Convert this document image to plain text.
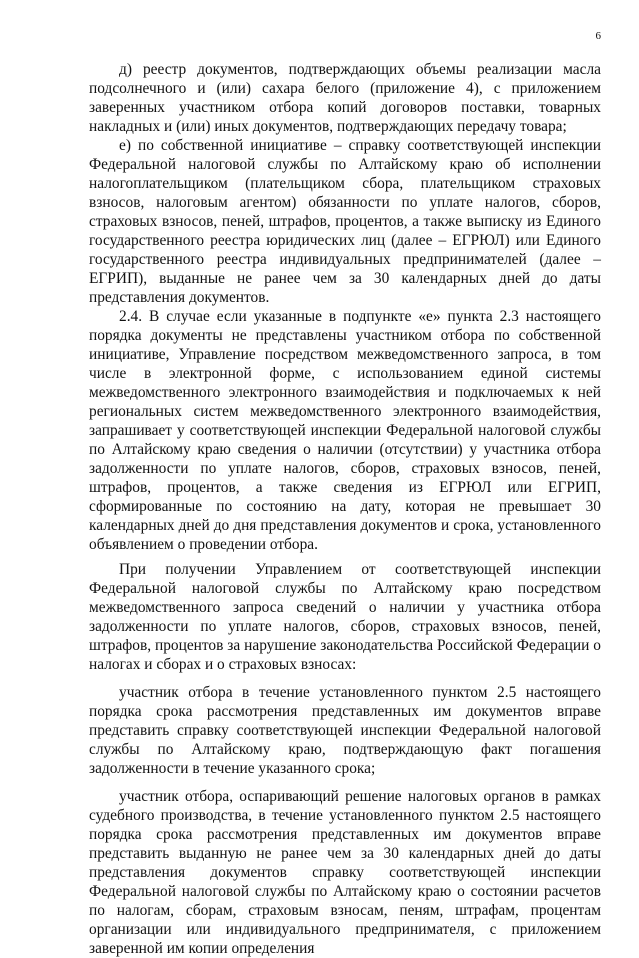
6

д) реестр документов, подтверждающих объемы реализации масла подсолнечного и (или) сахара белого (приложение 4), с приложением заверенных участником отбора копий договоров поставки, товарных накладных и (или) иных документов, подтверждающих передачу товара;

е) по собственной инициативе – справку соответствующей инспекции Федеральной налоговой службы по Алтайскому краю об исполнении налогоплательщиком (плательщиком сбора, плательщиком страховых взносов, налоговым агентом) обязанности по уплате налогов, сборов, страховых взносов, пеней, штрафов, процентов, а также выписку из Единого государственного реестра юридических лиц (далее – ЕГРЮЛ) или Единого государственного реестра индивидуальных предпринимателей (далее – ЕГРИП), выданные не ранее чем за 30 календарных дней до даты представления документов.

2.4. В случае если указанные в подпункте «е» пункта 2.3 настоящего порядка документы не представлены участником отбора по собственной инициативе, Управление посредством межведомственного запроса, в том числе в электронной форме, с использованием единой системы межведомственного электронного взаимодействия и подключаемых к ней региональных систем межведомственного электронного взаимодействия, запрашивает у соответствующей инспекции Федеральной налоговой службы по Алтайскому краю сведения о наличии (отсутствии) у участника отбора задолженности по уплате налогов, сборов, страховых взносов, пеней, штрафов, процентов, а также сведения из ЕГРЮЛ или ЕГРИП, сформированные по состоянию на дату, которая не превышает 30 календарных дней до дня представления документов и срока, установленного объявлением о проведении отбора.

При получении Управлением от соответствующей инспекции Федеральной налоговой службы по Алтайскому краю посредством межведомственного запроса сведений о наличии у участника отбора задолженности по уплате налогов, сборов, страховых взносов, пеней, штрафов, процентов за нарушение законодательства Российской Федерации о налогах и сборах и о страховых взносах:

участник отбора в течение установленного пунктом 2.5 настоящего порядка срока рассмотрения представленных им документов вправе представить справку соответствующей инспекции Федеральной налоговой службы по Алтайскому краю, подтверждающую факт погашения задолженности в течение указанного срока;

участник отбора, оспаривающий решение налоговых органов в рамках судебного производства, в течение установленного пунктом 2.5 настоящего порядка срока рассмотрения представленных им документов вправе представить выданную не ранее чем за 30 календарных дней до даты представления документов справку соответствующей инспекции Федеральной налоговой службы по Алтайскому краю о состоянии расчетов по налогам, сборам, страховым взносам, пеням, штрафам, процентам организации или индивидуального предпринимателя, с приложением заверенной им копии определения
